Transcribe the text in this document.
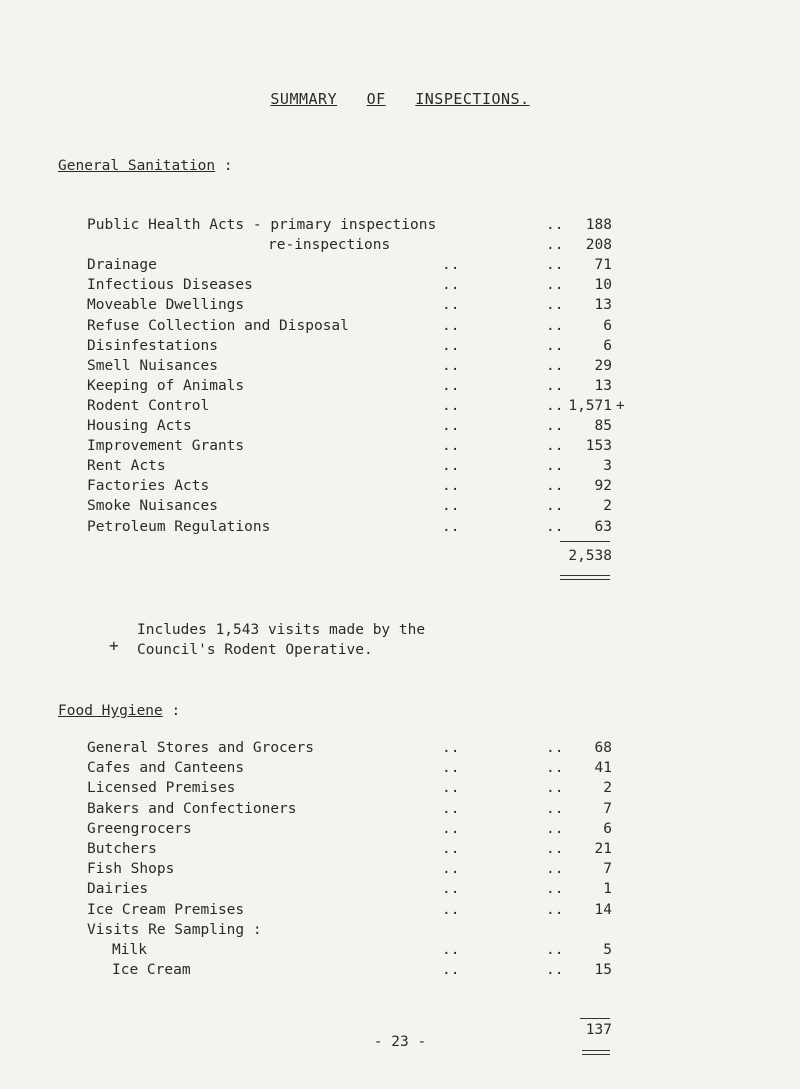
SUMMARY OF INSPECTIONS.
General Sanitation :
Public Health Acts - primary inspections	.. 188
re-inspections	.. 208
Drainage	..	.. 71
Infectious Diseases	..	.. 10
Moveable Dwellings	..	.. 13
Refuse Collection and Disposal	..	..	6
Disinfestations	..	..	6
Smell Nuisances	..	.. 29
Keeping of Animals	..	.. 13
Rodent Control	..	.. 1,571 +
Housing Acts	..	.. 85
Improvement Grants	..	.. 153
Rent Acts	..	..	3
Factories Acts	..	.. 92
Smoke Nuisances	..	..	2
Petroleum Regulations	..	.. 63
2,538
+
Includes 1,543 visits made by the
Council's Rodent Operative.
Food Hygiene :
General Stores and Grocers	..	.. 68
Cafes and Canteens	..	.. 41
Licensed Premises	..	..	2
Bakers and Confectioners	..	..	7
Greengrocers	..	..	6
Butchers	..	.. 21
Fish Shops	..	..	7
Dairies	..	..	1
Ice Cream Premises	..	.. 14
Visits Re Sampling :
Milk	..	..	5
Ice Cream	..	.. 15
137
- 23 -
